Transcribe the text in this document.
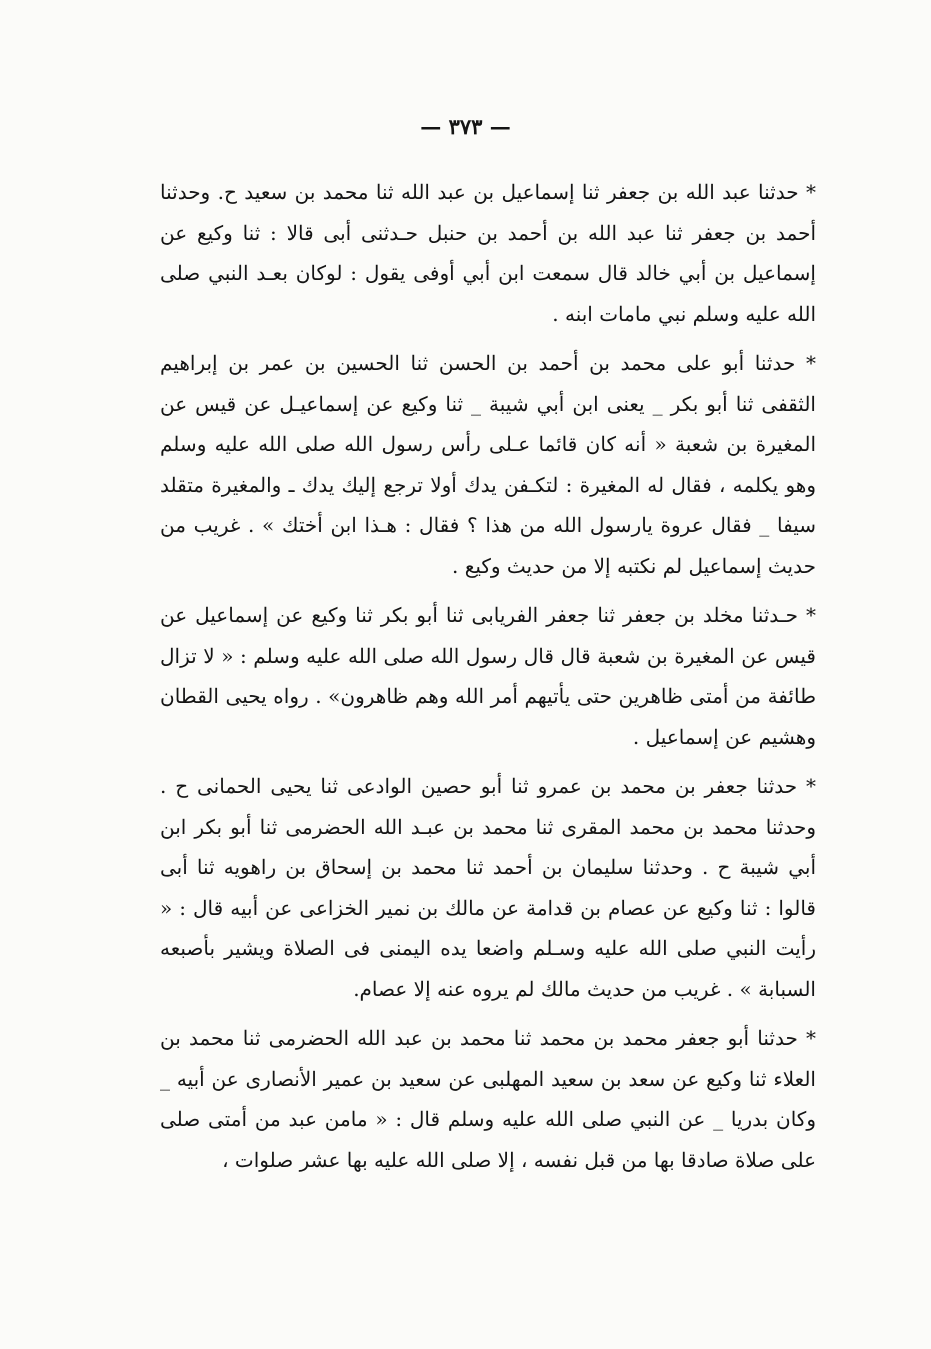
— ٣٧٣ —

* حدثنا عبد الله بن جعفر ثنا إسماعيل بن عبد الله ثنا محمد بن سعيد ح. وحدثنا أحمد بن جعفر ثنا عبد الله بن أحمد بن حنبل حـدثنى أبى قالا : ثنا وكيع عن إسماعيل بن أبي خالد قال سمعت ابن أبي أوفى يقول : لوكان بعـد النبي صلى الله عليه وسلم نبي مامات ابنه .

* حدثنا أبو على محمد بن أحمد بن الحسن ثنا الحسين بن عمر بن إبراهيم الثقفى ثنا أبو بكر _ يعنى ابن أبي شيبة _ ثنا وكيع عن إسماعيـل عن قيس عن المغيرة بن شعبة « أنه كان قائما عـلى رأس رسول الله صلى الله عليه وسلم وهو يكلمه ، فقال له المغيرة : لتكـفن يدك أولا ترجع إليك يدك ـ والمغيرة متقلد سيفا _ فقال عروة يارسول الله من هذا ؟ فقال : هـذا ابن أختك » . غريب من حديث إسماعيل لم نكتبه إلا من حديث وكيع .

* حـدثنا مخلد بن جعفر ثنا جعفر الفريابى ثنا أبو بكر ثنا وكيع عن إسماعيل عن قيس عن المغيرة بن شعبة قال قال رسول الله صلى الله عليه وسلم : « لا تزال طائفة من أمتى ظاهرين حتى يأتيهم أمر الله وهم ظاهرون» . رواه يحيى القطان وهشيم عن إسماعيل .

* حدثنا جعفر بن محمد بن عمرو ثنا أبو حصين الوادعى ثنا يحيى الحمانى ح . وحدثنا محمد بن محمد المقرى ثنا محمد بن عبـد الله الحضرمى ثنا أبو بكر ابن أبي شيبة ح . وحدثنا سليمان بن أحمد ثنا محمد بن إسحاق بن راهويه ثنا أبى قالوا : ثنا وكيع عن عصام بن قدامة عن مالك بن نمير الخزاعى عن أبيه قال : « رأيت النبي صلى الله عليه وسـلم واضعا يده اليمنى فى الصلاة ويشير بأصبعه السبابة » . غريب من حديث مالك لم يروه عنه إلا عصام.

* حدثنا أبو جعفر محمد بن محمد ثنا محمد بن عبد الله الحضرمى ثنا محمد بن العلاء ثنا وكيع عن سعد بن سعيد المهلبى عن سعيد بن عمير الأنصارى عن أبيه _ وكان بدريا _ عن النبي صلى الله عليه وسلم قال : « مامن عبد من أمتى صلى على صلاة صادقا بها من قبل نفسه ، إلا صلى الله عليه بها عشر صلوات ،
